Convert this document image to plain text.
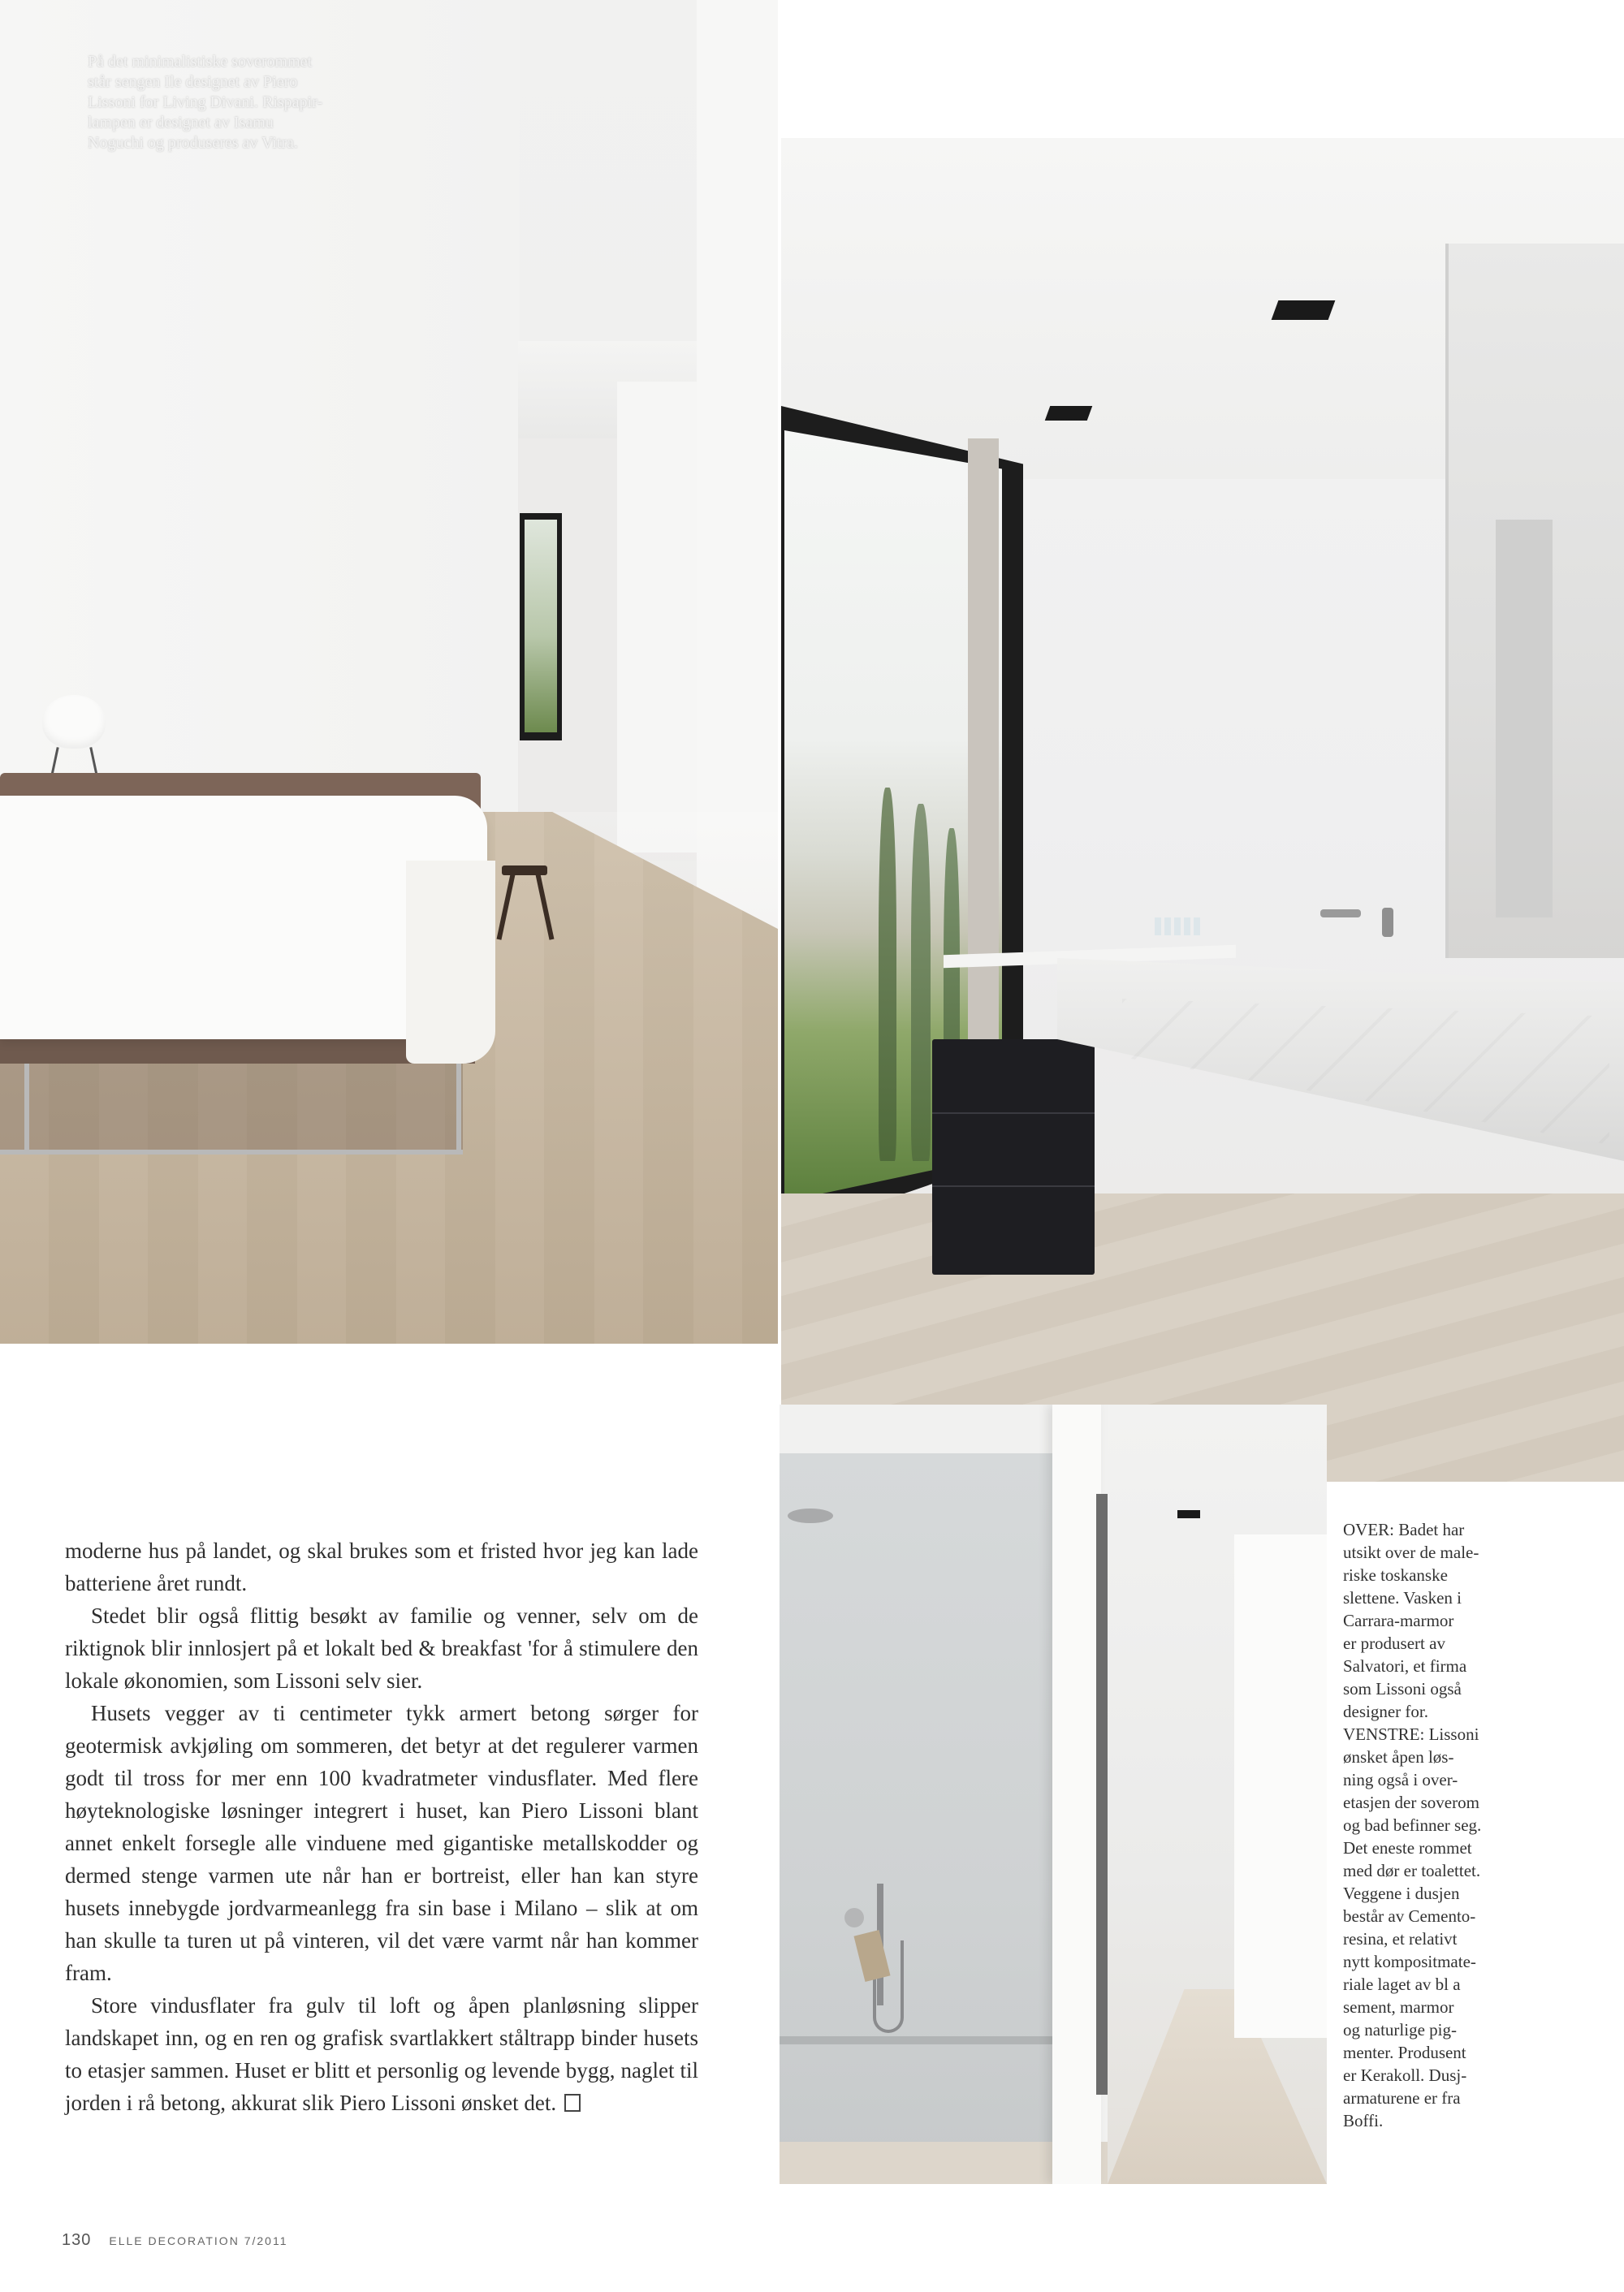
På det minimalistiske soverommet

står sengen Ile designet av Piero

Lissoni for Living Divani. Rispapir-

lampen er designet av Isamu

Noguchi og produseres av Vitra.

moderne hus på landet, og skal brukes som et fristed hvor jeg kan lade batteriene året rundt.

Stedet blir også flittig besøkt av familie og venner, selv om de riktignok blir innlosjert på et lokalt bed & breakfast 'for å stimulere den lokale økonomien, som Lissoni selv sier.

Husets vegger av ti centimeter tykk armert betong sørger for geotermisk avkjøling om sommeren, det betyr at det regulerer varmen godt til tross for mer enn 100 kvadratmeter vindusflater. Med flere høyteknologiske løsninger integrert i huset, kan Piero Lissoni blant annet enkelt forsegle alle vinduene med gigantiske metallskodder og dermed stenge varmen ute når han er bortreist, eller han kan styre husets innebygde jordvarmeanlegg fra sin base i Milano – slik at om han skulle ta turen ut på vinteren, vil det være varmt når han kommer fram.

Store vindusflater fra gulv til loft og åpen planløsning slipper landskapet inn, og en ren og grafisk svartlakkert ståltrapp binder husets to etasjer sammen. Huset er blitt et personlig og levende bygg, naglet til jorden i rå betong, akkurat slik Piero Lissoni ønsket det.

OVER: Badet har

utsikt over de male-

riske toskanske

slettene. Vasken i

Carrara-marmor

er produsert av

Salvatori, et firma

som Lissoni også

designer for.

VENSTRE: Lissoni

ønsket åpen løs-

ning også i over-

etasjen der soverom

og bad befinner seg.

Det eneste rommet

med dør er toalettet.

Veggene i dusjen

består av Cemento-

resina, et relativt

nytt kompositmate-

riale laget av bl a

sement, marmor

og naturlige pig-

menter. Produsent

er Kerakoll. Dusj-

armaturene er fra

Boffi.

130 ELLE DECORATION 7/2011
